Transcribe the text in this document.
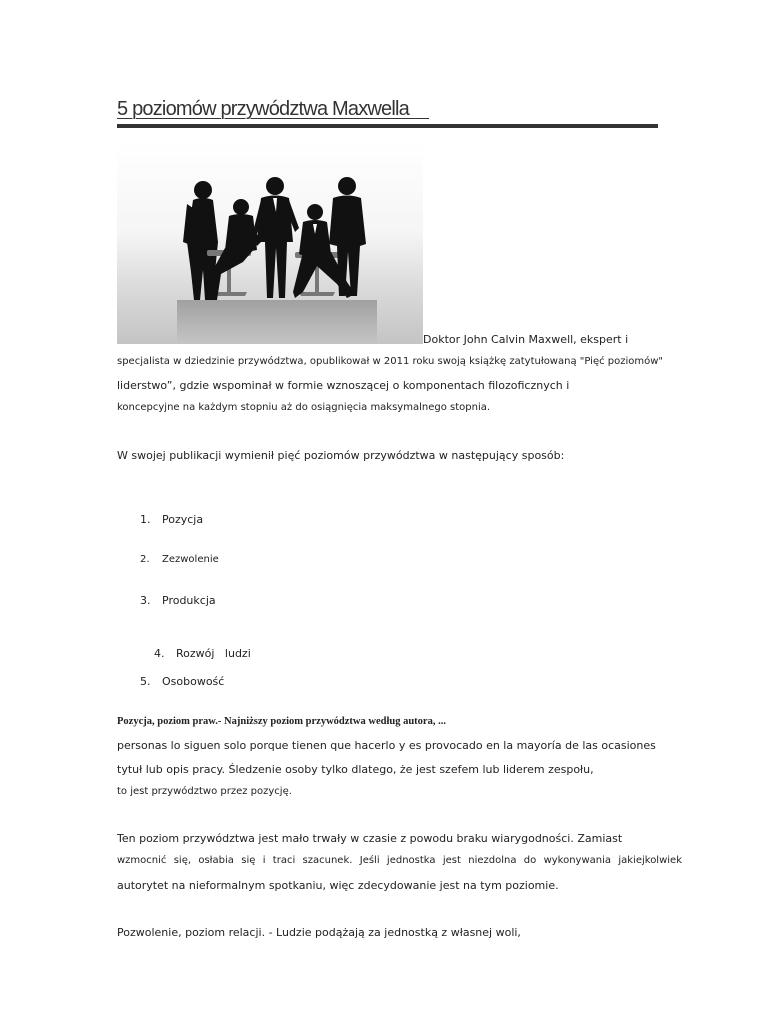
5 poziomów przywództwa Maxwella
Doktor John Calvin Maxwell, ekspert i
specjalista w dziedzinie przywództwa, opublikował w 2011 roku swoją książkę zatytułowaną "Pięć poziomów"
liderstwo”, gdzie wspominał w formie wznoszącej o komponentach filozoficznych i
koncepcyjne na każdym stopniu aż do osiągnięcia maksymalnego stopnia.
W swojej publikacji wymienił pięć poziomów przywództwa w następujący sposób:
1. Pozycja
2. Zezwolenie
3. Produkcja

4. Rozwój   ludzi

5. Osobowość
Pozycja, poziom praw.- Najniższy poziom przywództwa według autora, ...
personas lo siguen solo porque tienen que hacerlo y es provocado en la mayoría de las ocasiones
tytuł lub opis pracy. Śledzenie osoby tylko dlatego, że jest szefem lub liderem zespołu,
to jest przywództwo przez pozycję.
Ten poziom przywództwa jest mało trwały w czasie z powodu braku wiarygodności. Zamiast
wzmocnić się, osłabia się i traci szacunek. Jeśli jednostka jest niezdolna do wykonywania jakiejkolwiek
autorytet na nieformalnym spotkaniu, więc zdecydowanie jest na tym poziomie.
Pozwolenie, poziom relacji. - Ludzie podążają za jednostką z własnej woli,
